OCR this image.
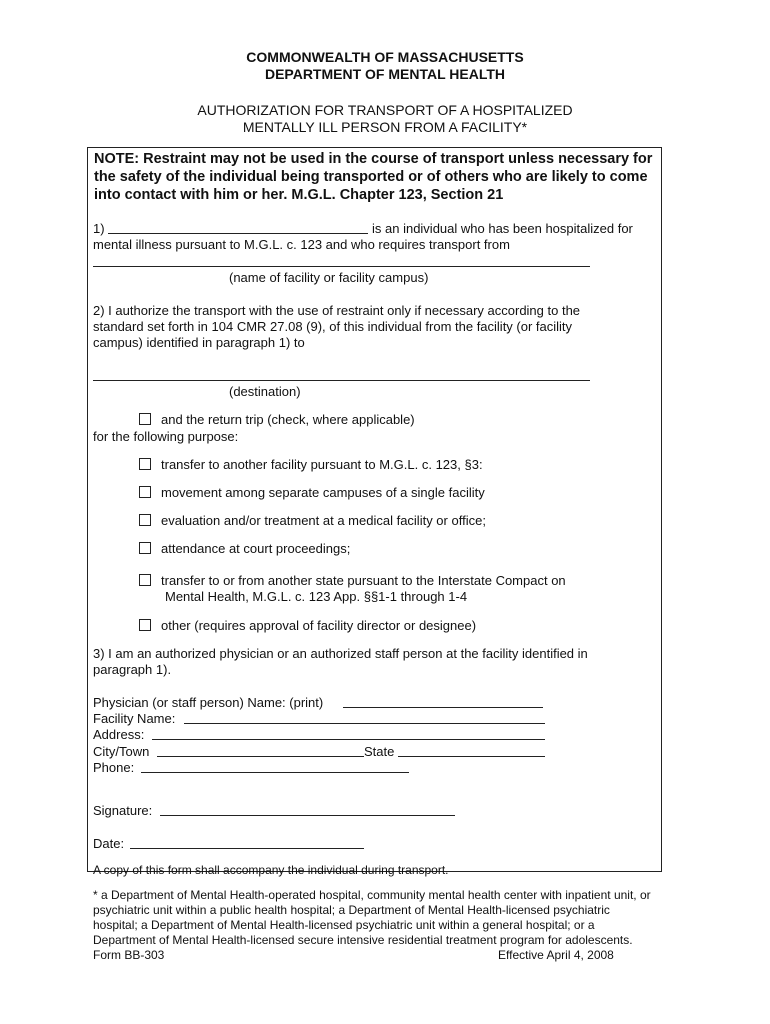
COMMONWEALTH OF MASSACHUSETTS
DEPARTMENT OF MENTAL HEALTH
AUTHORIZATION FOR TRANSPORT OF A HOSPITALIZED
MENTALLY ILL PERSON FROM A FACILITY*
NOTE: Restraint may not be used in the course of transport unless necessary for the safety of the individual being transported or of others who are likely to come into contact with him or her. M.G.L. Chapter 123, Section 21
1)	is an individual who has been hospitalized for
mental illness pursuant to M.G.L. c. 123 and who requires transport from
(name of facility or facility campus)
2) I authorize the transport with the use of restraint only if necessary according to the
standard set forth in 104 CMR 27.08 (9), of this individual from the facility (or facility
campus) identified in paragraph 1) to
(destination)
and the return trip (check, where applicable)
for the following purpose:
transfer to another facility pursuant to M.G.L. c. 123, §3:
movement among separate campuses of a single facility
evaluation and/or treatment at a medical facility or office;
attendance at court proceedings;
transfer to or from another state pursuant to the Interstate Compact on
Mental Health, M.G.L. c. 123 App. §§1-1 through 1-4
other (requires approval of facility director or designee)
3) I am an authorized physician or an authorized staff person at the facility identified in
paragraph 1).
Physician (or staff person) Name: (print)
Facility Name:
Address:
City/Town	State
Phone:
Signature:
Date:
A copy of this form shall accompany the individual during transport.
* a Department of Mental Health-operated hospital, community mental health center with inpatient unit, or
psychiatric unit within a public health hospital; a Department of Mental Health-licensed psychiatric
hospital; a Department of Mental Health-licensed psychiatric unit within a general hospital; or a
Department of Mental Health-licensed secure intensive residential treatment program for adolescents.
Form BB-303	Effective April 4, 2008
